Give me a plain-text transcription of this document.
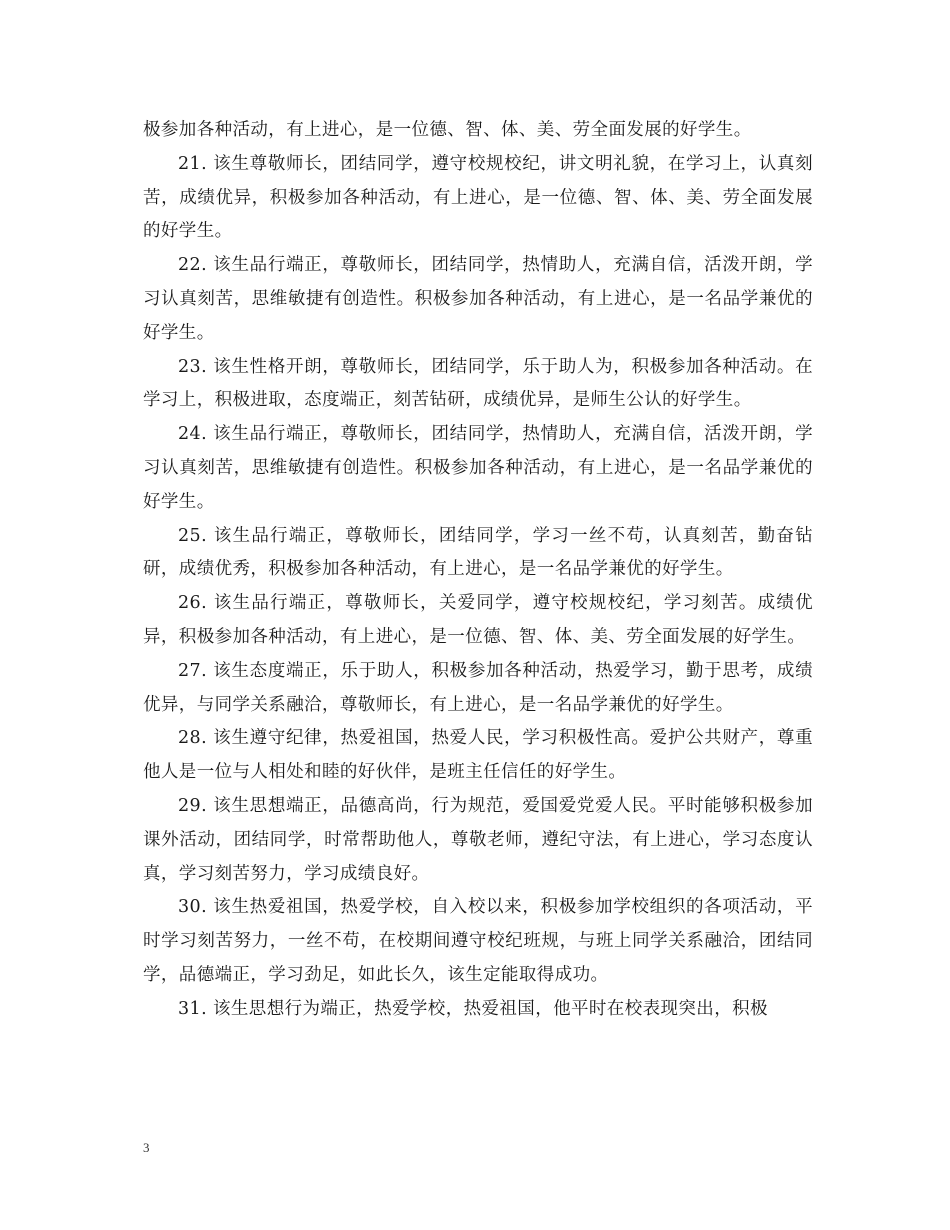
极参加各种活动，有上进心，是一位德、智、体、美、劳全面发展的好学生。

21. 该生尊敬师长，团结同学，遵守校规校纪，讲文明礼貌，在学习上，认真刻苦，成绩优异，积极参加各种活动，有上进心，是一位德、智、体、美、劳全面发展的好学生。

22. 该生品行端正，尊敬师长，团结同学，热情助人，充满自信，活泼开朗，学习认真刻苦，思维敏捷有创造性。积极参加各种活动，有上进心，是一名品学兼优的好学生。

23. 该生性格开朗，尊敬师长，团结同学，乐于助人为，积极参加各种活动。在学习上，积极进取，态度端正，刻苦钻研，成绩优异，是师生公认的好学生。

24. 该生品行端正，尊敬师长，团结同学，热情助人，充满自信，活泼开朗，学习认真刻苦，思维敏捷有创造性。积极参加各种活动，有上进心，是一名品学兼优的好学生。

25. 该生品行端正，尊敬师长，团结同学，学习一丝不苟，认真刻苦，勤奋钻研，成绩优秀，积极参加各种活动，有上进心，是一名品学兼优的好学生。

26. 该生品行端正，尊敬师长，关爱同学，遵守校规校纪，学习刻苦。成绩优异，积极参加各种活动，有上进心，是一位德、智、体、美、劳全面发展的好学生。

27. 该生态度端正，乐于助人，积极参加各种活动，热爱学习，勤于思考，成绩优异，与同学关系融洽，尊敬师长，有上进心，是一名品学兼优的好学生。

28. 该生遵守纪律，热爱祖国，热爱人民，学习积极性高。爱护公共财产，尊重他人是一位与人相处和睦的好伙伴，是班主任信任的好学生。

29. 该生思想端正，品德高尚，行为规范，爱国爱党爱人民。平时能够积极参加课外活动，团结同学，时常帮助他人，尊敬老师，遵纪守法，有上进心，学习态度认真，学习刻苦努力，学习成绩良好。

30. 该生热爱祖国，热爱学校，自入校以来，积极参加学校组织的各项活动，平时学习刻苦努力，一丝不苟，在校期间遵守校纪班规，与班上同学关系融洽，团结同学，品德端正，学习劲足，如此长久，该生定能取得成功。

31. 该生思想行为端正，热爱学校，热爱祖国，他平时在校表现突出，积极

3
